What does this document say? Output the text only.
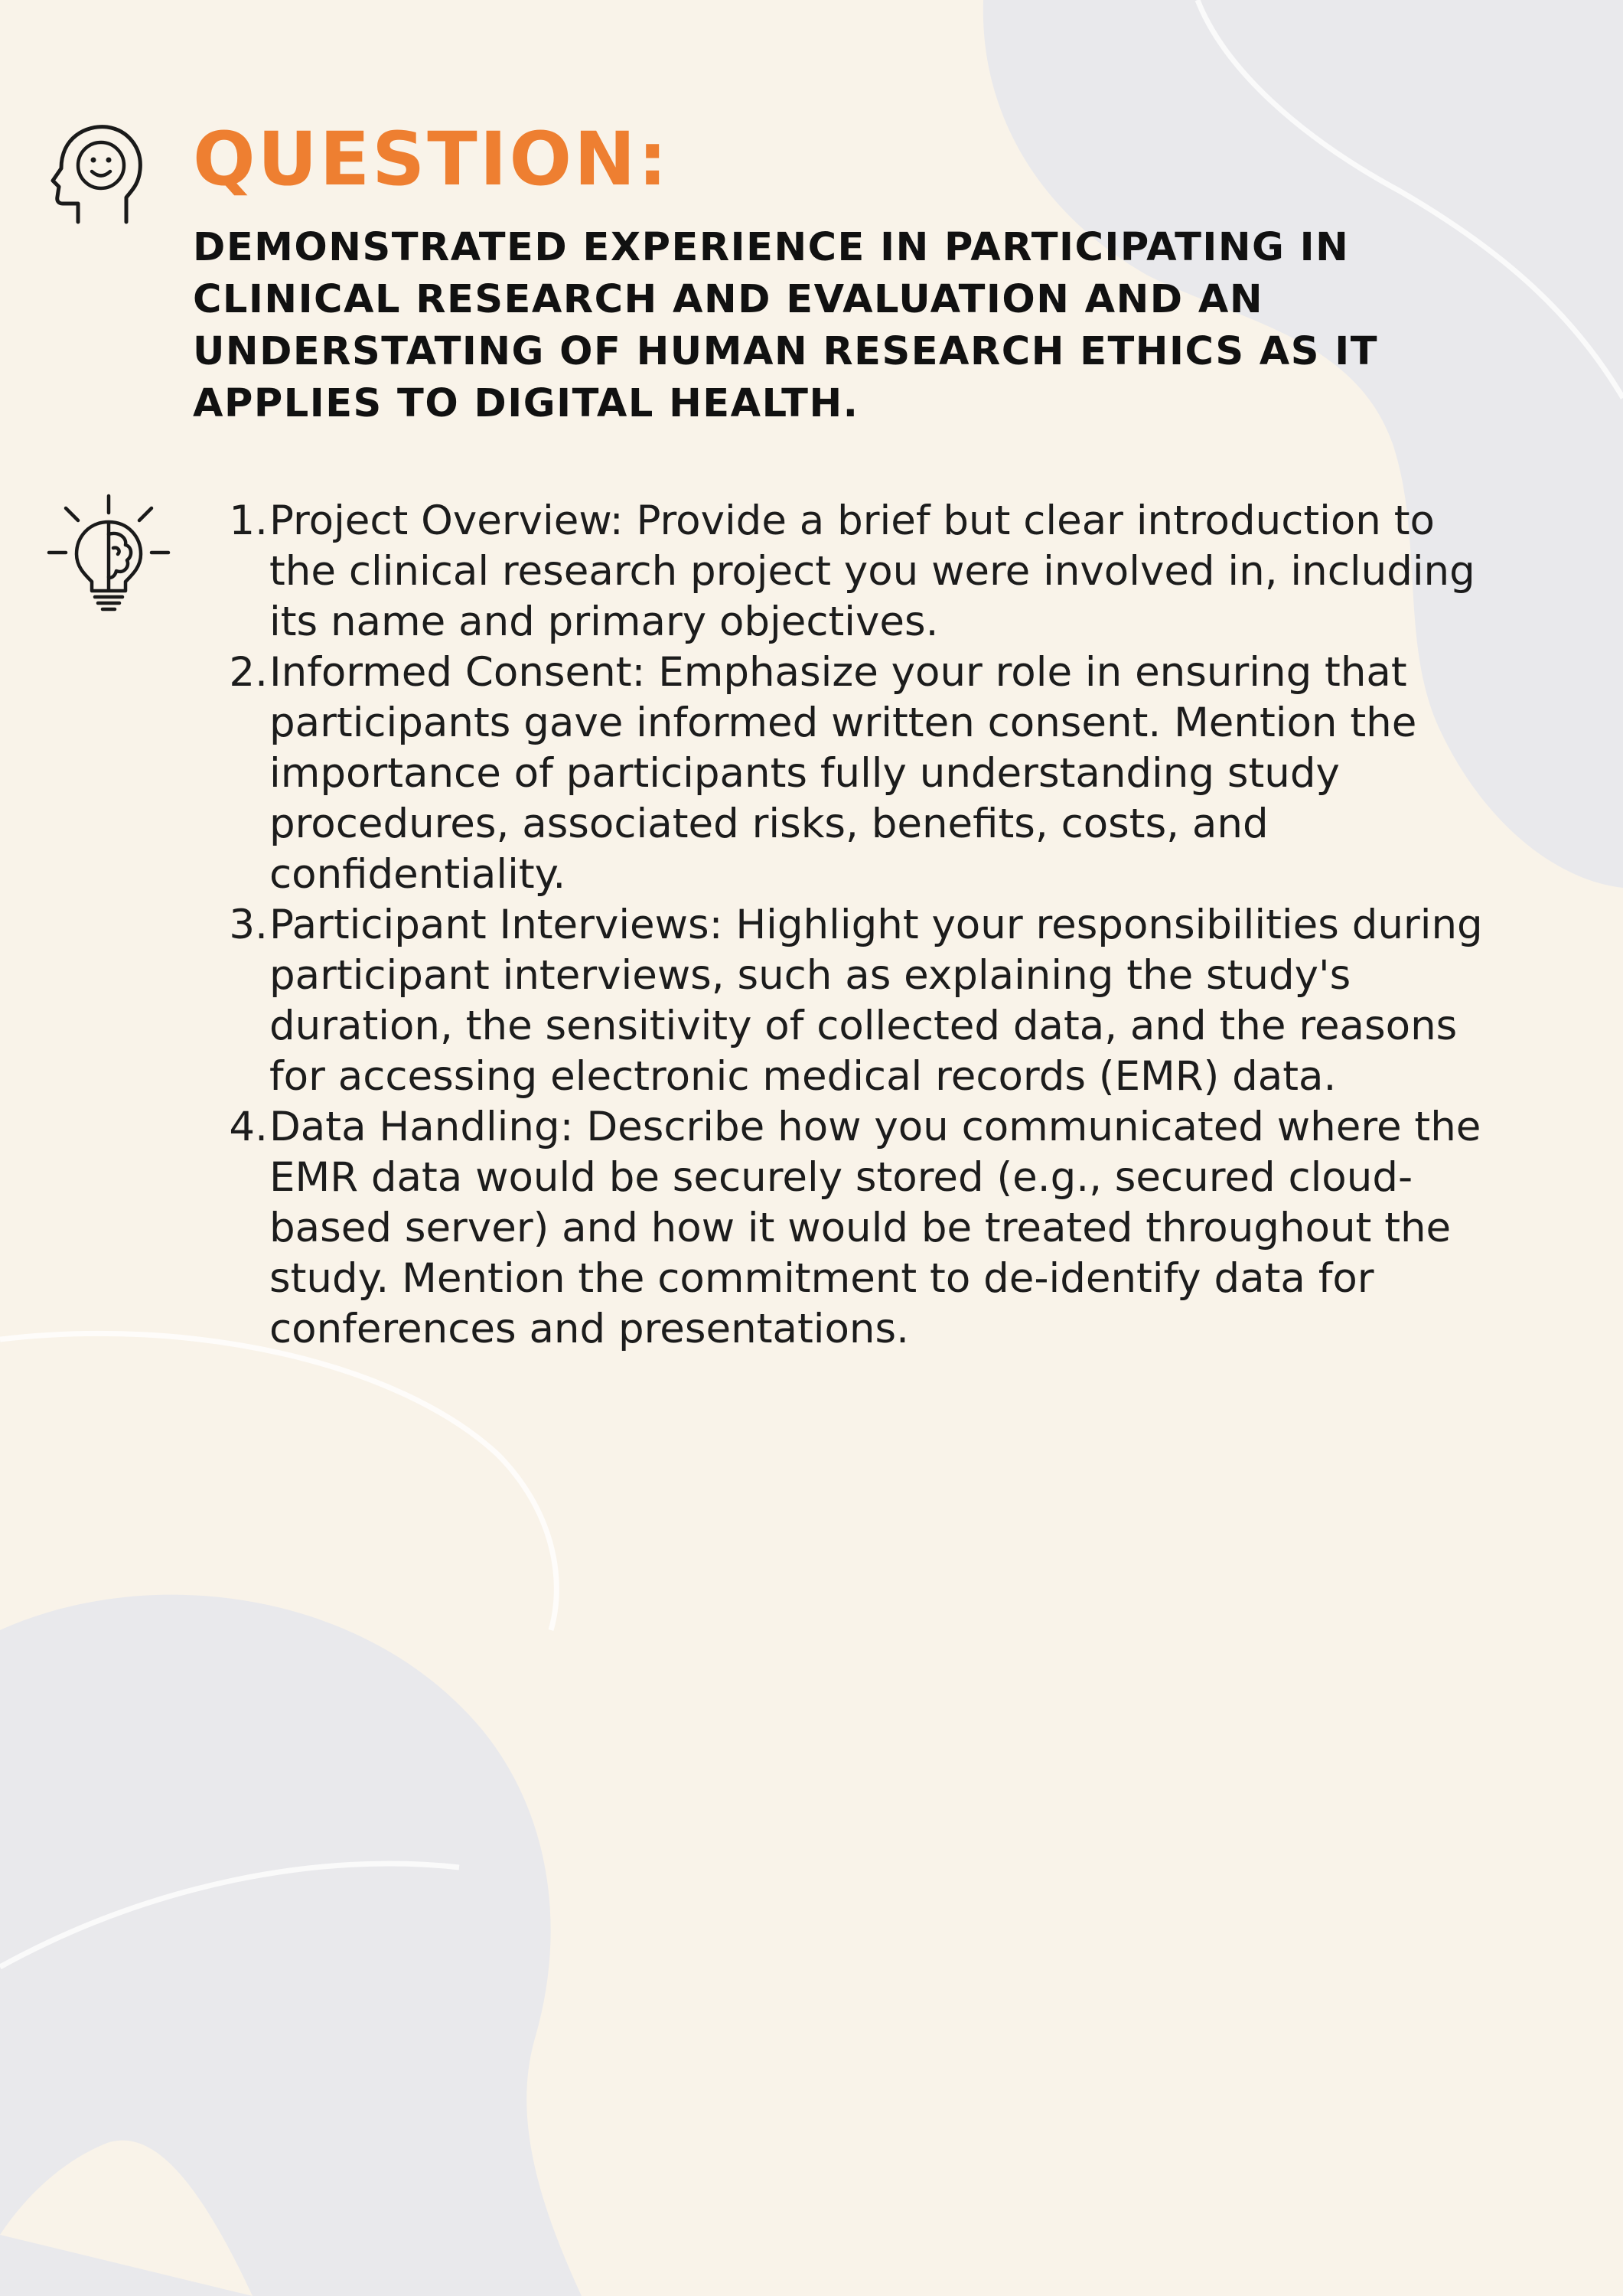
QUESTION:

DEMONSTRATED EXPERIENCE IN PARTICIPATING IN CLINICAL RESEARCH AND EVALUATION AND AN UNDERSTATING OF HUMAN RESEARCH ETHICS AS IT APPLIES TO DIGITAL HEALTH.

1. Project Overview: Provide a brief but clear introduction to the clinical research project you were involved in, including its name and primary objectives.
2. Informed Consent: Emphasize your role in ensuring that participants gave informed written consent. Mention the importance of participants fully understanding study procedures, associated risks, benefits, costs, and confidentiality.
3. Participant Interviews: Highlight your responsibilities during participant interviews, such as explaining the study's duration, the sensitivity of collected data, and the reasons for accessing electronic medical records (EMR) data.
4. Data Handling: Describe how you communicated where the EMR data would be securely stored (e.g., secured cloud-based server) and how it would be treated throughout the study. Mention the commitment to de-identify data for conferences and presentations.
